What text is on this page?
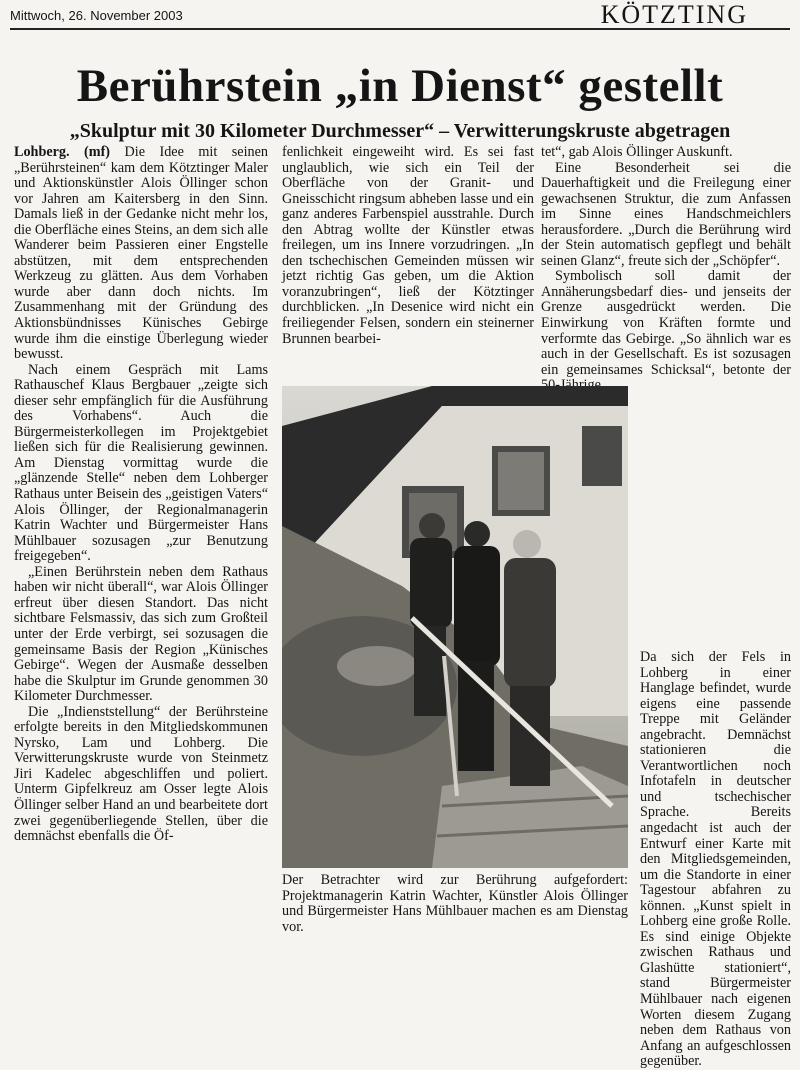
Mittwoch, 26. November 2003	KÖTZTING
Berührstein „in Dienst“ gestellt
„Skulptur mit 30 Kilometer Durchmesser“ – Verwitterungskruste abgetragen

Lohberg. (mf) Die Idee mit seinen „Berührsteinen“ kam dem Kötztinger Maler und Aktionskünstler Alois Öllinger schon vor Jahren am Kaitersberg in den Sinn. Damals ließ in der Gedanke nicht mehr los, die Oberfläche eines Steins, an dem sich alle Wanderer beim Passieren einer Engstelle abstützen, mit dem entsprechenden Werkzeug zu glätten. Aus dem Vorhaben wurde aber dann doch nichts. Im Zusammenhang mit der Gründung des Aktionsbündnisses Künisches Gebirge wurde ihm die einstige Überlegung wieder bewusst.

Nach einem Gespräch mit Lams Rathauschef Klaus Bergbauer „zeigte sich dieser sehr empfänglich für die Ausführung des Vorhabens“. Auch die Bürgermeisterkollegen im Projektgebiet ließen sich für die Realisierung gewinnen. Am Dienstag vormittag wurde die „glänzende Stelle“ neben dem Lohberger Rathaus unter Beisein des „geistigen Vaters“ Alois Öllinger, der Regionalmanagerin Katrin Wachter und Bürgermeister Hans Mühlbauer sozusagen „zur Benutzung freigegeben“.

„Einen Berührstein neben dem Rathaus haben wir nicht überall“, war Alois Öllinger erfreut über diesen Standort. Das nicht sichtbare Felsmassiv, das sich zum Großteil unter der Erde verbirgt, sei sozusagen die gemeinsame Basis der Region „Künisches Gebirge“. Wegen der Ausmaße desselben habe die Skulptur im Grunde genommen 30 Kilometer Durchmesser.

Die „Indienststellung“ der Berührsteine erfolgte bereits in den Mitgliedskommunen Nyrsko, Lam und Lohberg. Die Verwitterungskruste wurde von Steinmetz Jiri Kadelec abgeschliffen und poliert. Unterm Gipfelkreuz am Osser legte Alois Öllinger selber Hand an und bearbeitete dort zwei gegenüberliegende Stellen, über die demnächst ebenfalls die Öf-

fenlichkeit eingeweiht wird. Es sei fast unglaublich, wie sich ein Teil der Oberfläche von der Granit- und Gneisschicht ringsum abheben lasse und ein ganz anderes Farbenspiel ausstrahle. Durch den Abtrag wollte der Künstler etwas freilegen, um ins Innere vorzudringen. „In den tschechischen Gemeinden müssen wir jetzt richtig Gas geben, um die Aktion voranzubringen“, ließ der Kötztinger durchblicken. „In Desenice wird nicht ein freiliegender Felsen, sondern ein steinerner Brunnen bearbei-

tet“, gab Alois Öllinger Auskunft.

Eine Besonderheit sei die Dauerhaftigkeit und die Freilegung einer gewachsenen Struktur, die zum Anfassen im Sinne eines Handschmeichlers herausfordere. „Durch die Berührung wird der Stein automatisch gepflegt und behält seinen Glanz“, freute sich der „Schöpfer“.

Symbolisch soll damit der Annäherungsbedarf dies- und jenseits der Grenze ausgedrückt werden. Die Einwirkung von Kräften formte und verformte das Gebirge. „So ähnlich war es auch in der Gesellschaft. Es ist sozusagen ein gemeinsames Schicksal“, betonte der

Der Betrachter wird zur Berührung aufgefordert: Projektmanagerin Katrin Wachter, Künstler Alois Öllinger und Bürgermeister Hans Mühlbauer machen es am Dienstag vor.

Da sich der Fels in Lohberg in einer Hanglage befindet, wurde eigens eine passende Treppe mit Geländer angebracht. Demnächst stationieren die Verantwortlichen noch Infotafeln in deutscher und tschechischer Sprache. Bereits angedacht ist auch der Entwurf einer Karte mit den Mitgliedsgemeinden, um die Standorte in einer Tagestour abfahren zu können. „Kunst spielt in Lohberg eine große Rolle. Es sind einige Objekte zwischen Rathaus und Glashütte stationiert“, stand Bürgermeister Mühlbauer nach eigenen Worten diesem Zugang neben dem Rathaus von Anfang an aufgeschlossen gegenüber.
